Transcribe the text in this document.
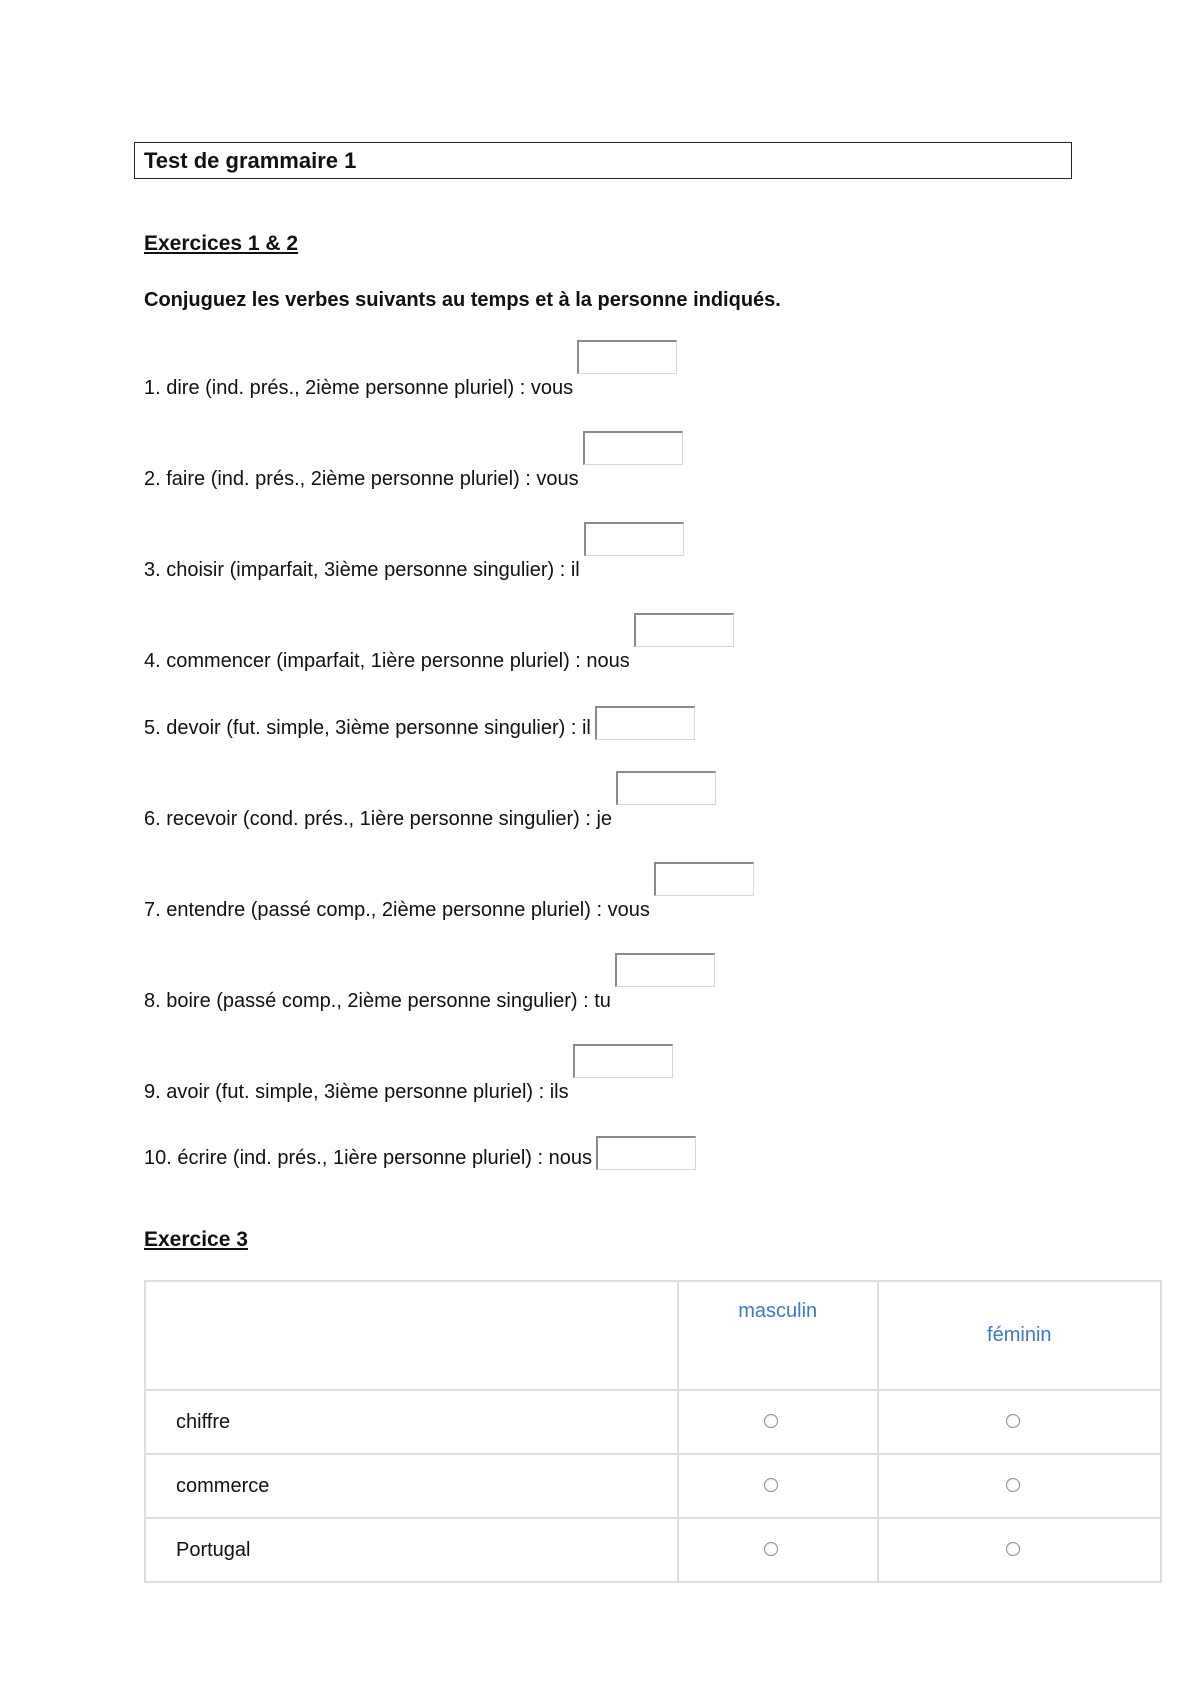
Test de grammaire 1
Exercices 1 & 2
Conjuguez les verbes suivants au temps et à la personne indiqués.
1. dire (ind. prés., 2ième personne pluriel) : vous
2. faire (ind. prés., 2ième personne pluriel) : vous
3. choisir (imparfait, 3ième personne singulier) : il
4. commencer (imparfait, 1ière personne pluriel) : nous
5. devoir (fut. simple, 3ième personne singulier) : il
6. recevoir (cond. prés., 1ière personne singulier) : je
7. entendre (passé comp., 2ième personne pluriel) : vous
8. boire (passé comp., 2ième personne singulier) : tu
9. avoir (fut. simple, 3ième personne pluriel) : ils
10. écrire (ind. prés., 1ière personne pluriel) : nous
Exercice 3
	masculin	féminin
chiffre		
commerce		
Portugal		
